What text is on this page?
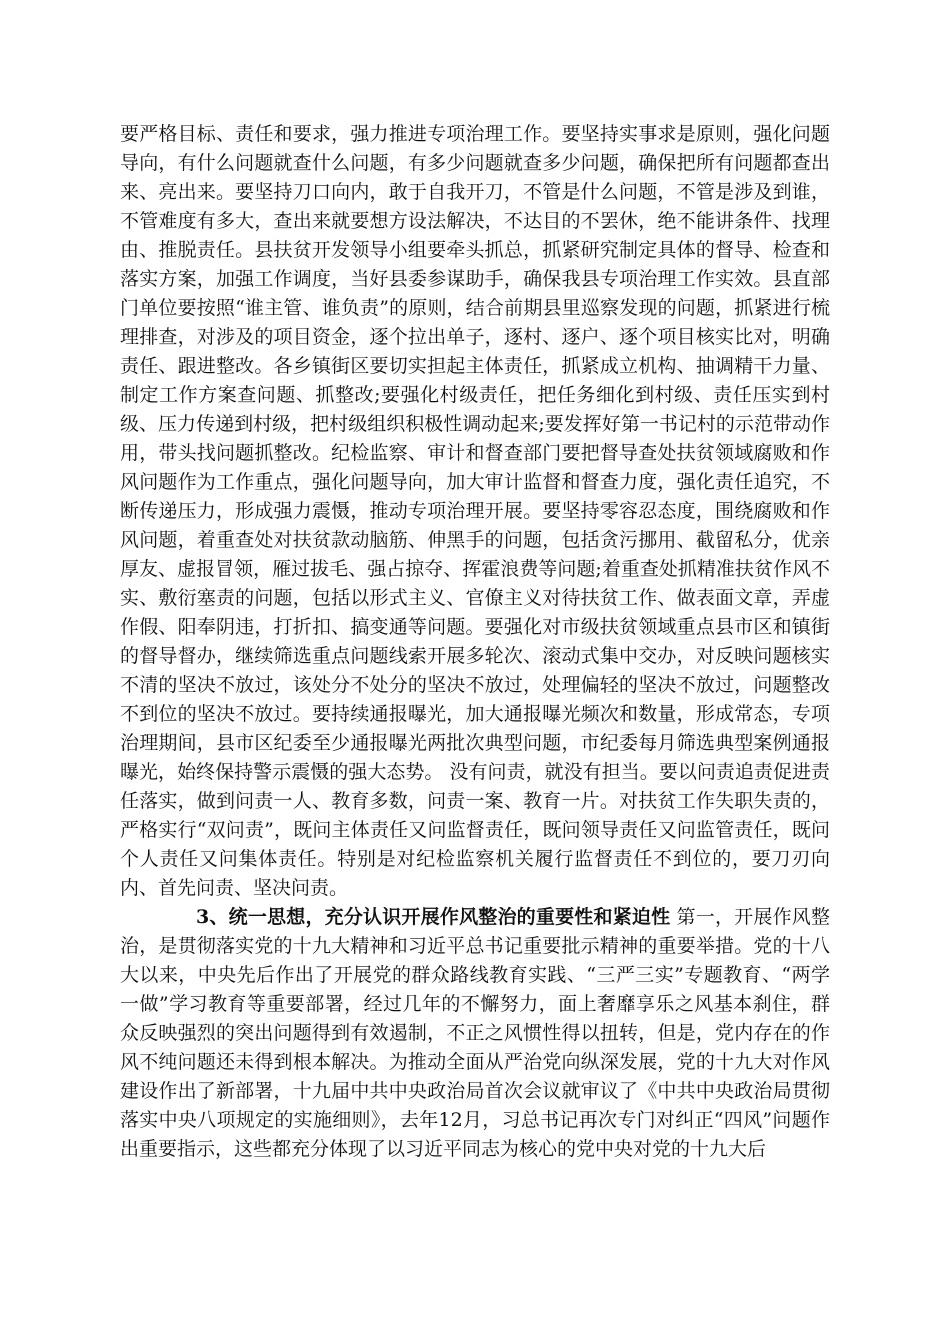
要严格目标、责任和要求，强力推进专项治理工作。要坚持实事求是原则，强化问题导向，有什么问题就查什么问题，有多少问题就查多少问题，确保把所有问题都查出来、亮出来。要坚持刀口向内，敢于自我开刀，不管是什么问题，不管是涉及到谁，不管难度有多大，查出来就要想方设法解决，不达目的不罢休，绝不能讲条件、找理由、推脱责任。县扶贫开发领导小组要牵头抓总，抓紧研究制定具体的督导、检查和落实方案，加强工作调度，当好县委参谋助手，确保我县专项治理工作实效。县直部门单位要按照“谁主管、谁负责”的原则，结合前期县里巡察发现的问题，抓紧进行梳理排查，对涉及的项目资金，逐个拉出单子，逐村、逐户、逐个项目核实比对，明确责任、跟进整改。各乡镇街区要切实担起主体责任，抓紧成立机构、抽调精干力量、制定工作方案查问题、抓整改;要强化村级责任，把任务细化到村级、责任压实到村级、压力传递到村级，把村级组织积极性调动起来;要发挥好第一书记村的示范带动作用，带头找问题抓整改。纪检监察、审计和督查部门要把督导查处扶贫领域腐败和作风问题作为工作重点，强化问题导向，加大审计监督和督查力度，强化责任追究，不断传递压力，形成强力震慑，推动专项治理开展。要坚持零容忍态度，围绕腐败和作风问题，着重查处对扶贫款动脑筋、伸黑手的问题，包括贪污挪用、截留私分，优亲厚友、虚报冒领，雁过拔毛、强占掠夺、挥霍浪费等问题;着重查处抓精准扶贫作风不实、敷衍塞责的问题，包括以形式主义、官僚主义对待扶贫工作、做表面文章，弄虚作假、阳奉阴违，打折扣、搞变通等问题。要强化对市级扶贫领域重点县市区和镇街的督导督办，继续筛选重点问题线索开展多轮次、滚动式集中交办，对反映问题核实不清的坚决不放过，该处分不处分的坚决不放过，处理偏轻的坚决不放过，问题整改不到位的坚决不放过。要持续通报曝光，加大通报曝光频次和数量，形成常态，专项治理期间，县市区纪委至少通报曝光两批次典型问题，市纪委每月筛选典型案例通报曝光，始终保持警示震慑的强大态势。 没有问责，就没有担当。要以问责追责促进责任落实，做到问责一人、教育多数，问责一案、教育一片。对扶贫工作失职失责的，严格实行“双问责”，既问主体责任又问监督责任，既问领导责任又问监管责任，既问个人责任又问集体责任。特别是对纪检监察机关履行监督责任不到位的，要刀刃向内、首先问责、坚决问责。

3、统一思想，充分认识开展作风整治的重要性和紧迫性 第一，开展作风整治，是贯彻落实党的十九大精神和习近平总书记重要批示精神的重要举措。党的十八大以来，中央先后作出了开展党的群众路线教育实践、“三严三实”专题教育、“两学一做”学习教育等重要部署，经过几年的不懈努力，面上奢靡享乐之风基本刹住，群众反映强烈的突出问题得到有效遏制，不正之风惯性得以扭转，但是，党内存在的作风不纯问题还未得到根本解决。为推动全面从严治党向纵深发展，党的十九大对作风建设作出了新部署，十九届中共中央政治局首次会议就审议了《中共中央政治局贯彻落实中央八项规定的实施细则》，去年12月，习总书记再次专门对纠正“四风”问题作出重要指示，这些都充分体现了以习近平同志为核心的党中央对党的十九大后
